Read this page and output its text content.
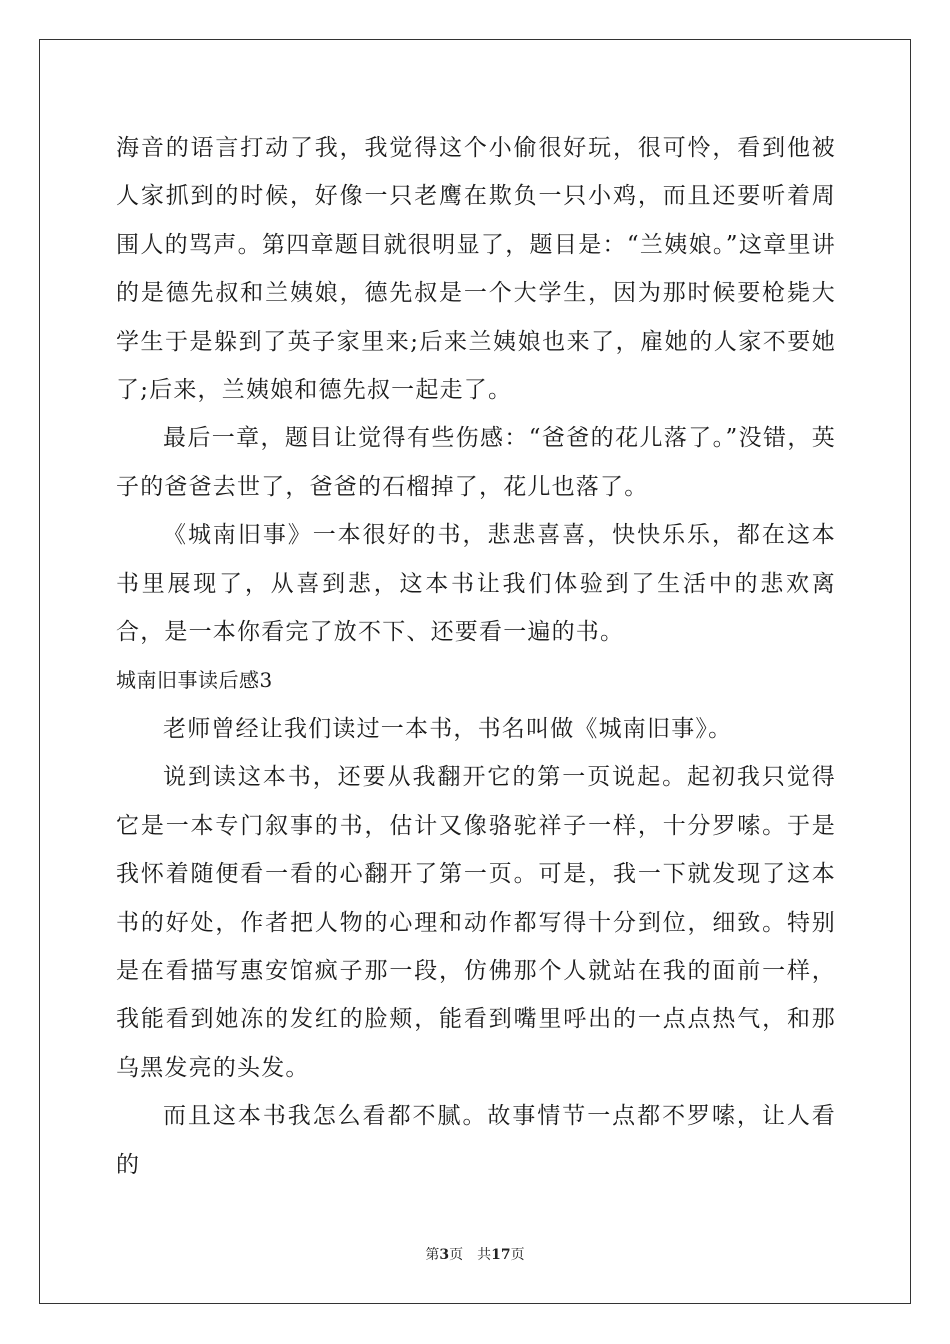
海音的语言打动了我，我觉得这个小偷很好玩，很可怜，看到他被人家抓到的时候，好像一只老鹰在欺负一只小鸡，而且还要听着周围人的骂声。第四章题目就很明显了，题目是：“兰姨娘。”这章里讲的是德先叔和兰姨娘，德先叔是一个大学生，因为那时候要枪毙大学生于是躲到了英子家里来;后来兰姨娘也来了，雇她的人家不要她了;后来，兰姨娘和德先叔一起走了。

最后一章，题目让觉得有些伤感：“爸爸的花儿落了。”没错，英子的爸爸去世了，爸爸的石榴掉了，花儿也落了。

《城南旧事》一本很好的书，悲悲喜喜，快快乐乐，都在这本书里展现了，从喜到悲，这本书让我们体验到了生活中的悲欢离合，是一本你看完了放不下、还要看一遍的书。

城南旧事读后感3

老师曾经让我们读过一本书，书名叫做《城南旧事》。

说到读这本书，还要从我翻开它的第一页说起。起初我只觉得它是一本专门叙事的书，估计又像骆驼祥子一样，十分罗嗦。于是我怀着随便看一看的心翻开了第一页。可是，我一下就发现了这本书的好处，作者把人物的心理和动作都写得十分到位，细致。特别是在看描写惠安馆疯子那一段，仿佛那个人就站在我的面前一样，我能看到她冻的发红的脸颊，能看到嘴里呼出的一点点热气，和那乌黑发亮的头发。

而且这本书我怎么看都不腻。故事情节一点都不罗嗦，让人看的

第3页 共17页
